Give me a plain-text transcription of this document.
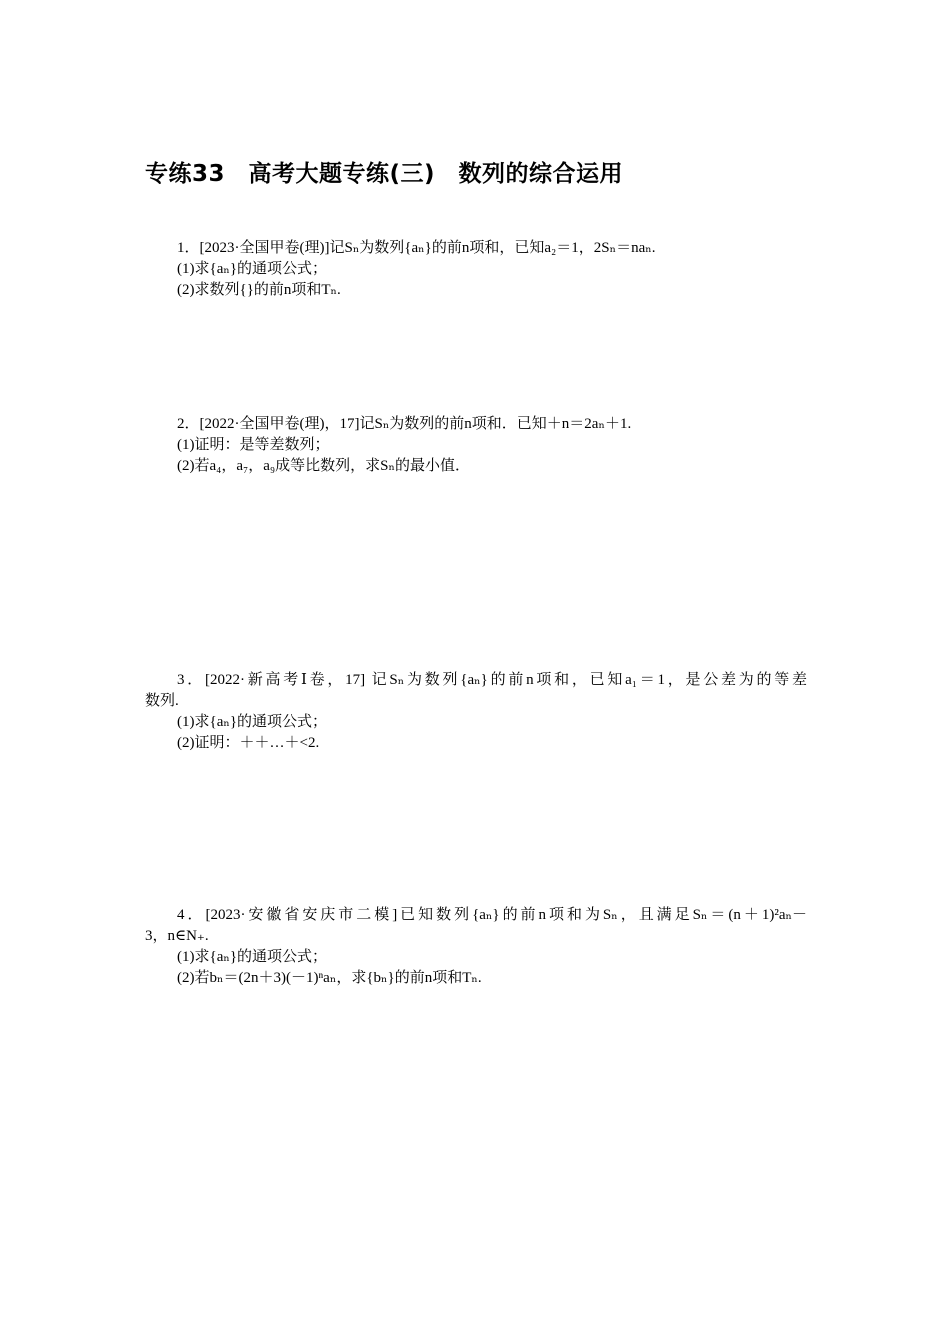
专练33　高考大题专练(三)　数列的综合运用

1．[2023·全国甲卷(理)]记Sₙ为数列{aₙ}的前n项和，已知a₂＝1，2Sₙ＝naₙ.

(1)求{aₙ}的通项公式；

(2)求数列{}的前n项和Tₙ.

2．[2022·全国甲卷(理)，17]记Sₙ为数列的前n项和．已知＋n＝2aₙ＋1.

(1)证明：是等差数列；

(2)若a₄，a₇，a₉成等比数列，求Sₙ的最小值．

3．[2022·新高考Ⅰ卷，17] 记Sₙ为数列{aₙ}的前n项和，已知a₁＝1，是公差为的等差

数列.

(1)求{aₙ}的通项公式；

(2)证明：＋＋…＋<2.

4．[2023·安徽省安庆市二模]已知数列{aₙ}的前n项和为Sₙ，且满足Sₙ＝(n＋1)²aₙ－

3，n∈N₊.

(1)求{aₙ}的通项公式；

(2)若bₙ＝(2n＋3)(－1)ⁿaₙ，求{bₙ}的前n项和Tₙ.
